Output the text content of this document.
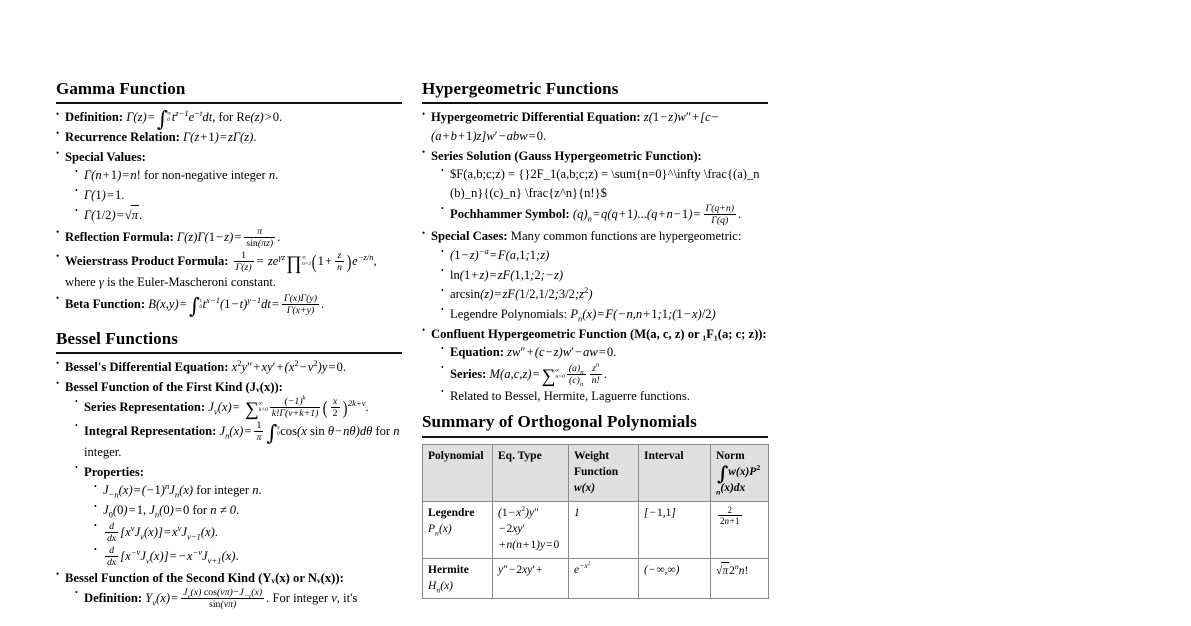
Gamma Function
• Definition: Γ(z)=∫ ∞
0 $t^{z-1}e^{-t}dt$, for Re(z)>0.
• Recurrence Relation: Γ(z+1)=zΓ(z).
• Special Values:
• Γ(n+1)=n! for non-negative integer n.
• Γ(1)=1.
• Γ(1/2)=√π.
• Reflection Formula: $\Gamma(z)\Gamma(1-z)= \frac{\pi}{\sin(\pi z)}$ .
• Weierstrass Product Formula: $\frac{1}{\Gamma(z)}$ = $ze^{\gamma z}\prod$ ∞
n=1 $(1+ \frac{z}{n} )e^{-z/n}$, where γ is the Euler-Mascheroni constant.
• Beta Function: B(x,y)=∫ 1
0 $t^{x-1}(1-t)^{y-1}dt= \frac{\Gamma(x)\Gamma(y)}{\Gamma(x+y)}$ .
Bessel Functions
• Bessel's Differential Equation: $x^2y''+xy'+(x^2-\nu^2)y=0$.
• Bessel Function of the First Kind (Jᵥ(x)):
• Series Representation: $J_\nu(x)=$ ∑ ∞
$k=0 \frac{(-1)^k}{k!\Gamma(\nu+k+1)}$ ( $\frac{x}{2} )^{2k+\nu}$.
• Integral Representation: $J_n(x)= \frac{1}{\pi}$ ∫ π
0 cos(x sin θ−nθ)dθ for n integer.
• Properties:
• $J_{-n}(x)=(-1)^nJ_n(x)$ for integer n.
• $J_0(0)=1$, $J_n(0)=0$ for n ≠ 0.
• $\frac{d}{dx} [x^\nu J_\nu(x)]=x^\nu J_{\nu-1}(x)$.
• $\frac{d}{dx} [x^{-\nu}J_\nu(x)]= -x^{-\nu}J_{\nu+1}(x)$.
• Bessel Function of the Second Kind (Yᵥ(x) or Nᵥ(x)):
• Definition: $Y_\nu(x)= \frac{J_\nu(x) \cos(\nu\pi)-J_{-\nu}(x)}{\sin(\nu\pi)}$ . For integer ν, it's
Hypergeometric Functions
• Hypergeometric Differential Equation: z(1−z)w″+[c−(a+b+1)z]w′−abw=0.
• Series Solution (Gauss Hypergeometric Function):
• $F(a,b;c;z) = {}2F_1(a,b;c;z) = \sum{n=0}^\infty \frac{(a)_n (b)_n}{(c)_n} \frac{z^n}{n!}$
• Pochhammer Symbol: $(q)_n=q(q+1)...(q+n-1)= \frac{\Gamma(q+n)}{\Gamma(q)}$ .
• Special Cases: Many common functions are hypergeometric:
• $(1-z)^{-a}=F(a,1;1;z)$
• ln(1+z)=zF(1,1;2;−z)
• $\arcsin(z)=zF(1/2,1/2;3/2;z^2)$
• Legendre Polynomials: $P_n(x)=F(-n,n+1;1;(1-x)/2)$
• Confluent Hypergeometric Function (M(a, c, z) or ₁F₁(a; c; z)):
• Equation: zw″+(c−z)w′−aw=0.
• Series: M(a,c,z)= ∑ ∞
$n=0 \frac{(a)_n}{(c)_n} \frac{z^n}{n!}$ .
• Related to Bessel, Hermite, Laguerre functions.
Summary of Orthogonal Polynomials
Polynomial	Eq. Type	Weight Function
w(x)	Interval	Norm
$\int w(x)P^2_n(x)dx$

Legendre
$P_n(x)$	$(1-x^2)y''-2xy'+n(n+1)y=0$	1	[−1,1]	$\frac{2}{2n+1}$

Hermite
$H_n(x)$	y″−2xy′+	$e^{-x^2}$	(−∞,∞)	√π2$^n$n!
